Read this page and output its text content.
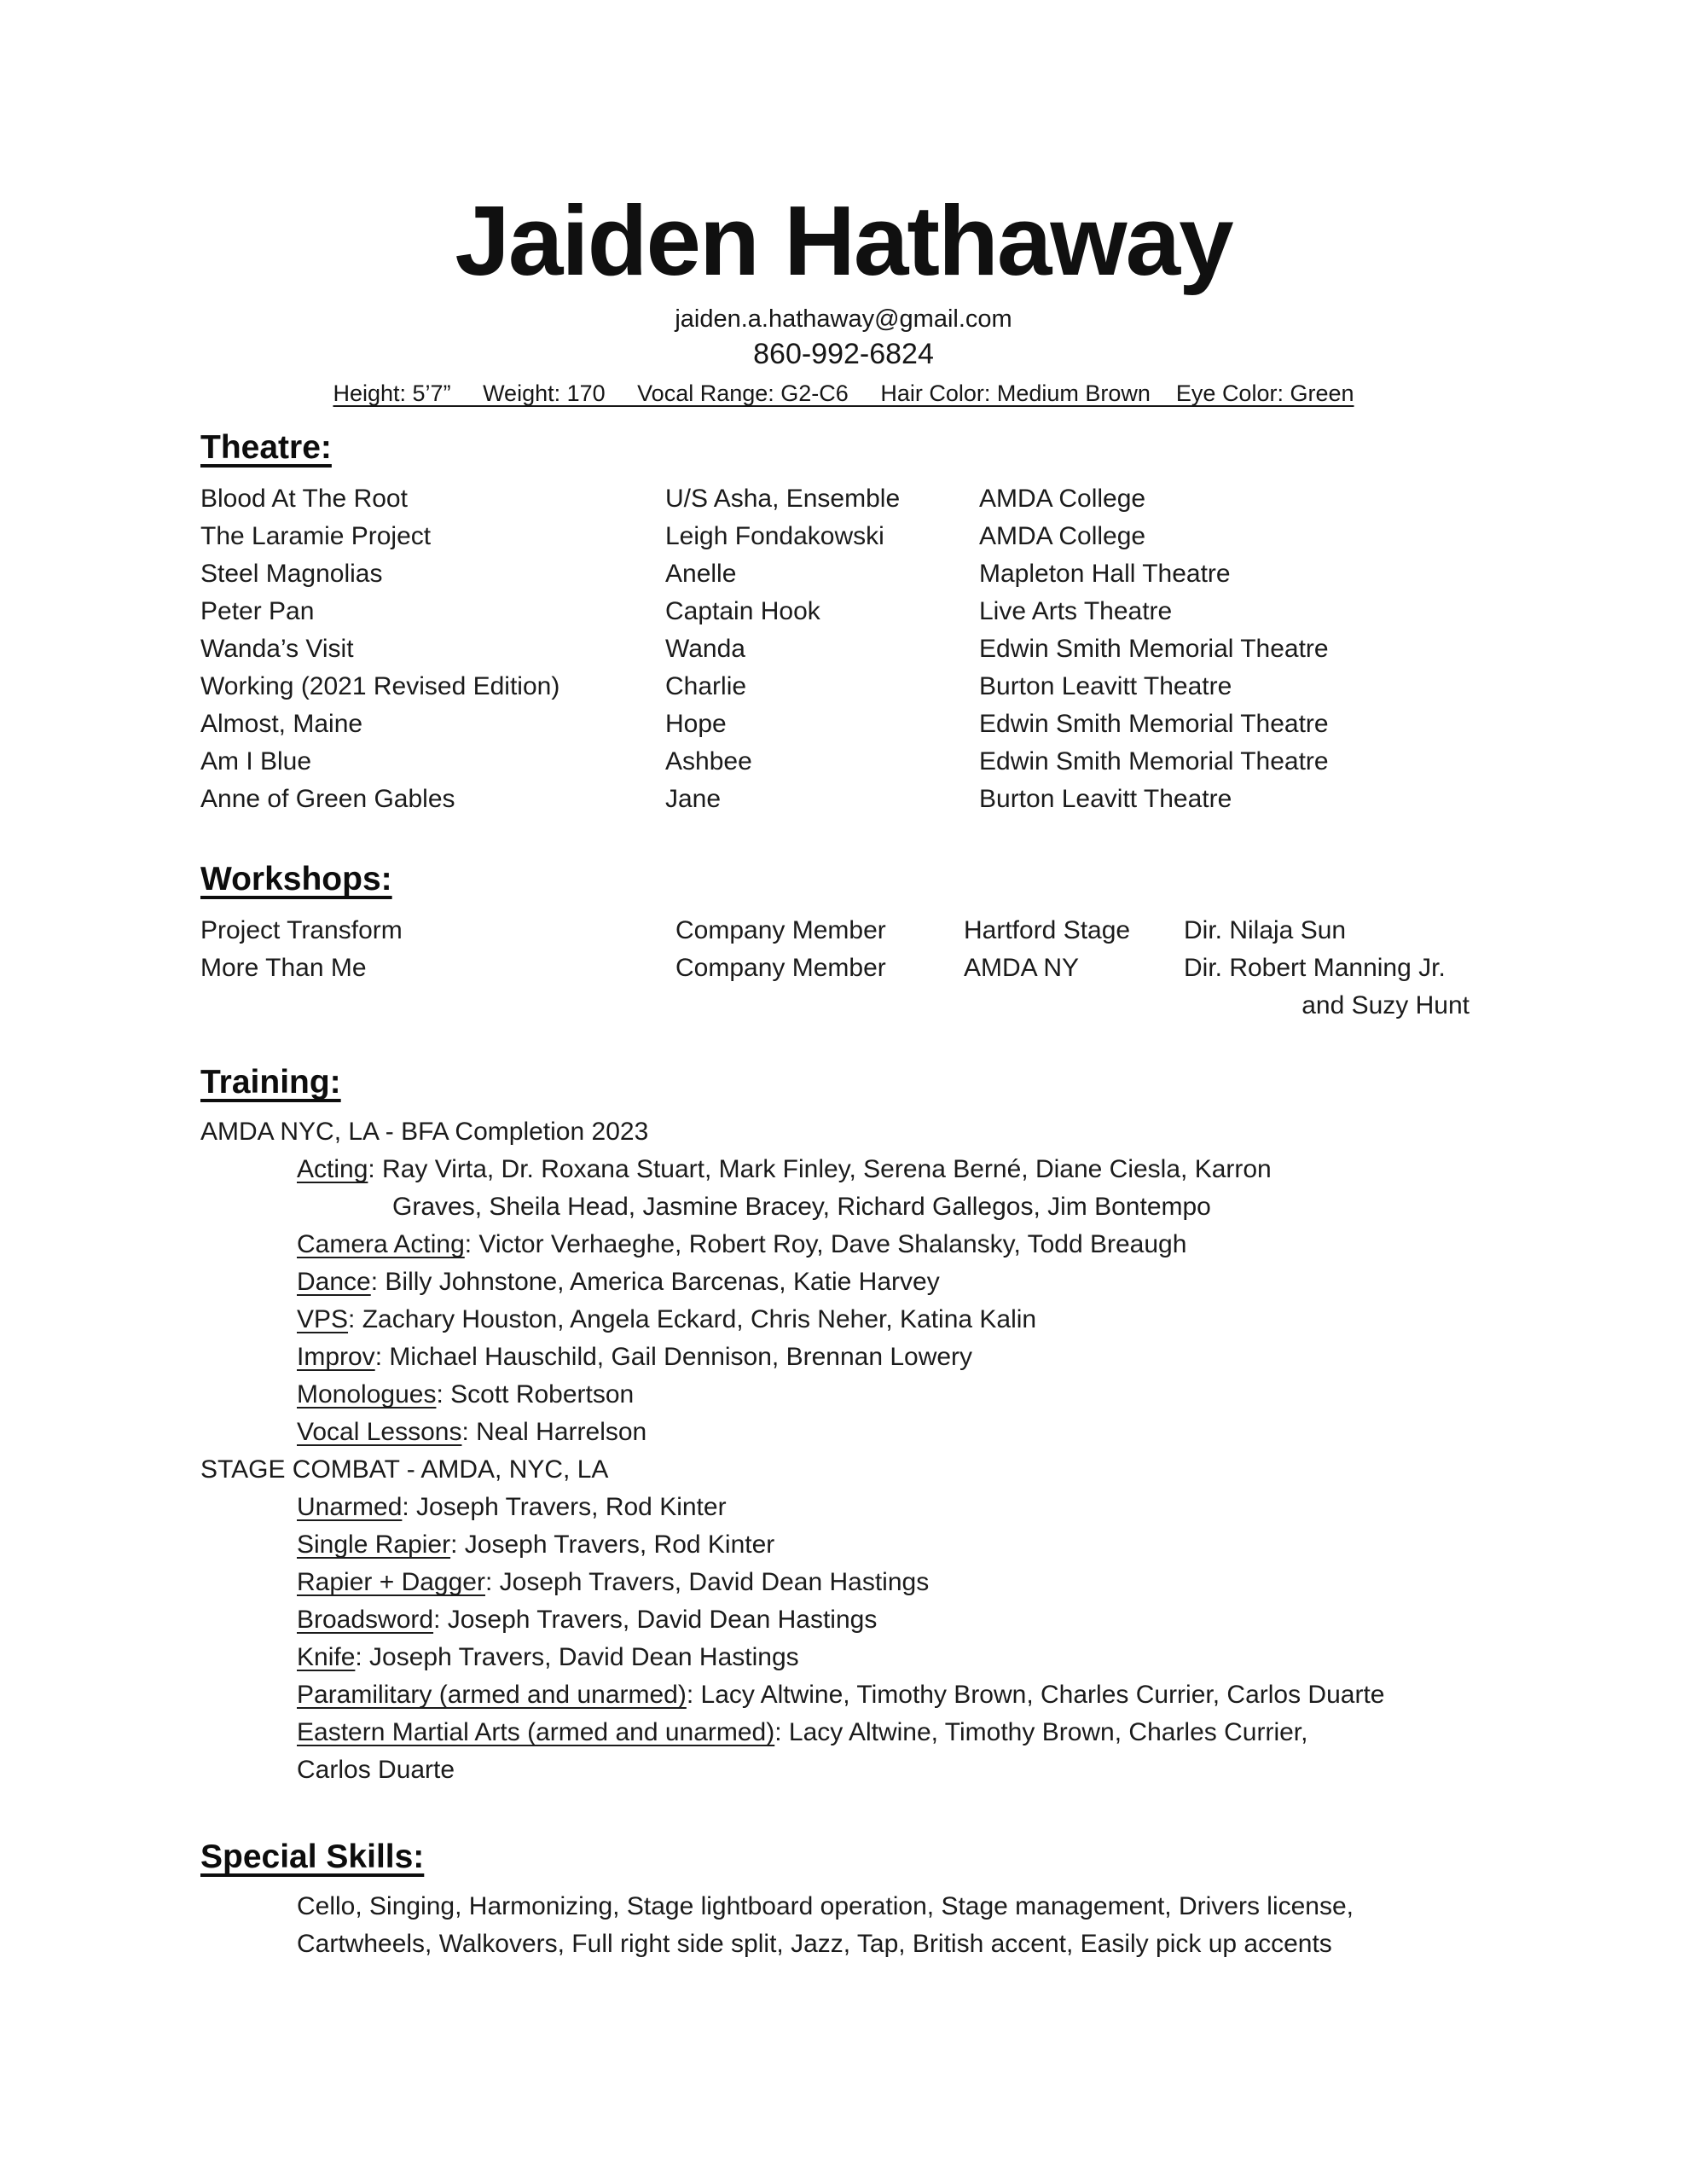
Jaiden Hathaway
jaiden.a.hathaway@gmail.com
860-992-6824
Height: 5’7”     Weight: 170     Vocal Range: G2-C6     Hair Color: Medium Brown    Eye Color: Green
Theatre:
Blood At The Root	U/S Asha, Ensemble	AMDA College
The Laramie Project	Leigh Fondakowski	AMDA College
Steel Magnolias	Anelle	Mapleton Hall Theatre
Peter Pan	Captain Hook	Live Arts Theatre
Wanda’s Visit	Wanda	Edwin Smith Memorial Theatre
Working (2021 Revised Edition)	Charlie	Burton Leavitt Theatre
Almost, Maine	Hope	Edwin Smith Memorial Theatre
Am I Blue	Ashbee	Edwin Smith Memorial Theatre
Anne of Green Gables	Jane	Burton Leavitt Theatre
Workshops:
Project Transform	Company Member	Hartford Stage	Dir. Nilaja Sun
More Than Me	Company Member	AMDA NY	Dir. Robert Manning Jr.
and Suzy Hunt
Training:
AMDA NYC, LA - BFA Completion 2023
Acting: Ray Virta, Dr. Roxana Stuart, Mark Finley, Serena Berné, Diane Ciesla, Karron
Graves, Sheila Head, Jasmine Bracey, Richard Gallegos, Jim Bontempo
Camera Acting: Victor Verhaeghe, Robert Roy, Dave Shalansky, Todd Breaugh
Dance: Billy Johnstone, America Barcenas, Katie Harvey
VPS: Zachary Houston, Angela Eckard, Chris Neher, Katina Kalin
Improv: Michael Hauschild, Gail Dennison, Brennan Lowery
Monologues: Scott Robertson
Vocal Lessons: Neal Harrelson
STAGE COMBAT - AMDA, NYC, LA
Unarmed: Joseph Travers, Rod Kinter
Single Rapier: Joseph Travers, Rod Kinter
Rapier + Dagger: Joseph Travers, David Dean Hastings
Broadsword: Joseph Travers, David Dean Hastings
Knife: Joseph Travers, David Dean Hastings
Paramilitary (armed and unarmed): Lacy Altwine, Timothy Brown, Charles Currier, Carlos Duarte
Eastern Martial Arts (armed and unarmed): Lacy Altwine, Timothy Brown, Charles Currier,
Carlos Duarte
Special Skills:
Cello, Singing, Harmonizing, Stage lightboard operation, Stage management, Drivers license,
Cartwheels, Walkovers, Full right side split, Jazz, Tap, British accent, Easily pick up accents
